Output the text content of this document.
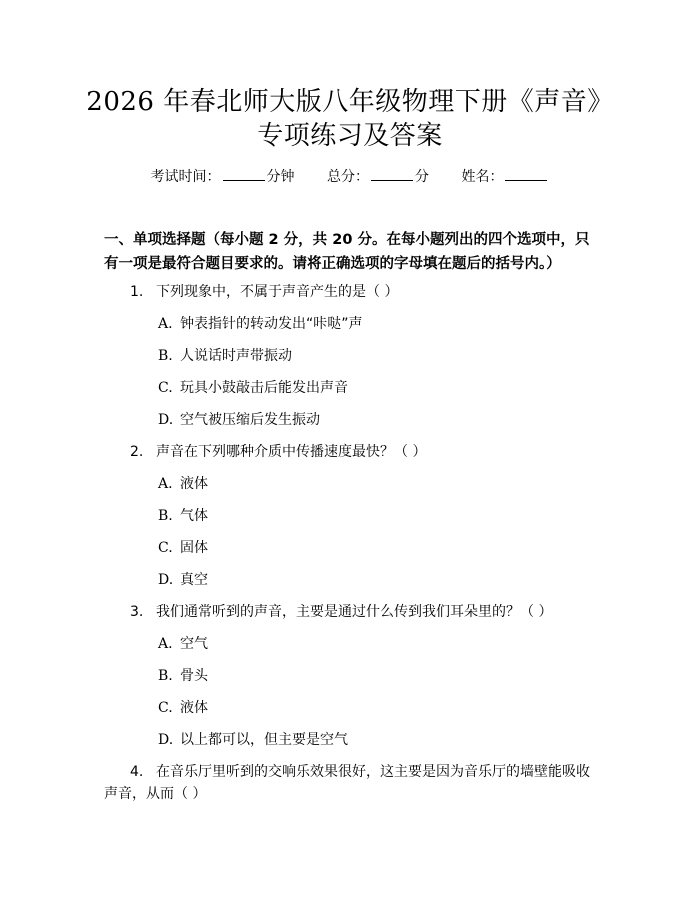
2026 年春北师大版八年级物理下册《声音》
专项练习及答案
考试时间：	分钟 总分：	分 姓名：
一、单项选择题（每小题 2 分，共 20 分。在每小题列出的四个选项中，只有一项是最符合题目要求的。请将正确选项的字母填在题后的括号内。）
1. 下列现象中，不属于声音产生的是（ ）
A. 钟表指针的转动发出“咔哒”声
B. 人说话时声带振动
C. 玩具小鼓敲击后能发出声音
D. 空气被压缩后发生振动
2. 声音在下列哪种介质中传播速度最快？（ ）
A. 液体
B. 气体
C. 固体
D. 真空
3. 我们通常听到的声音，主要是通过什么传到我们耳朵里的？（ ）
A. 空气
B. 骨头
C. 液体
D. 以上都可以，但主要是空气
4. 在音乐厅里听到的交响乐效果很好，这主要是因为音乐厅的墙壁能吸收声音，从而（ ）
